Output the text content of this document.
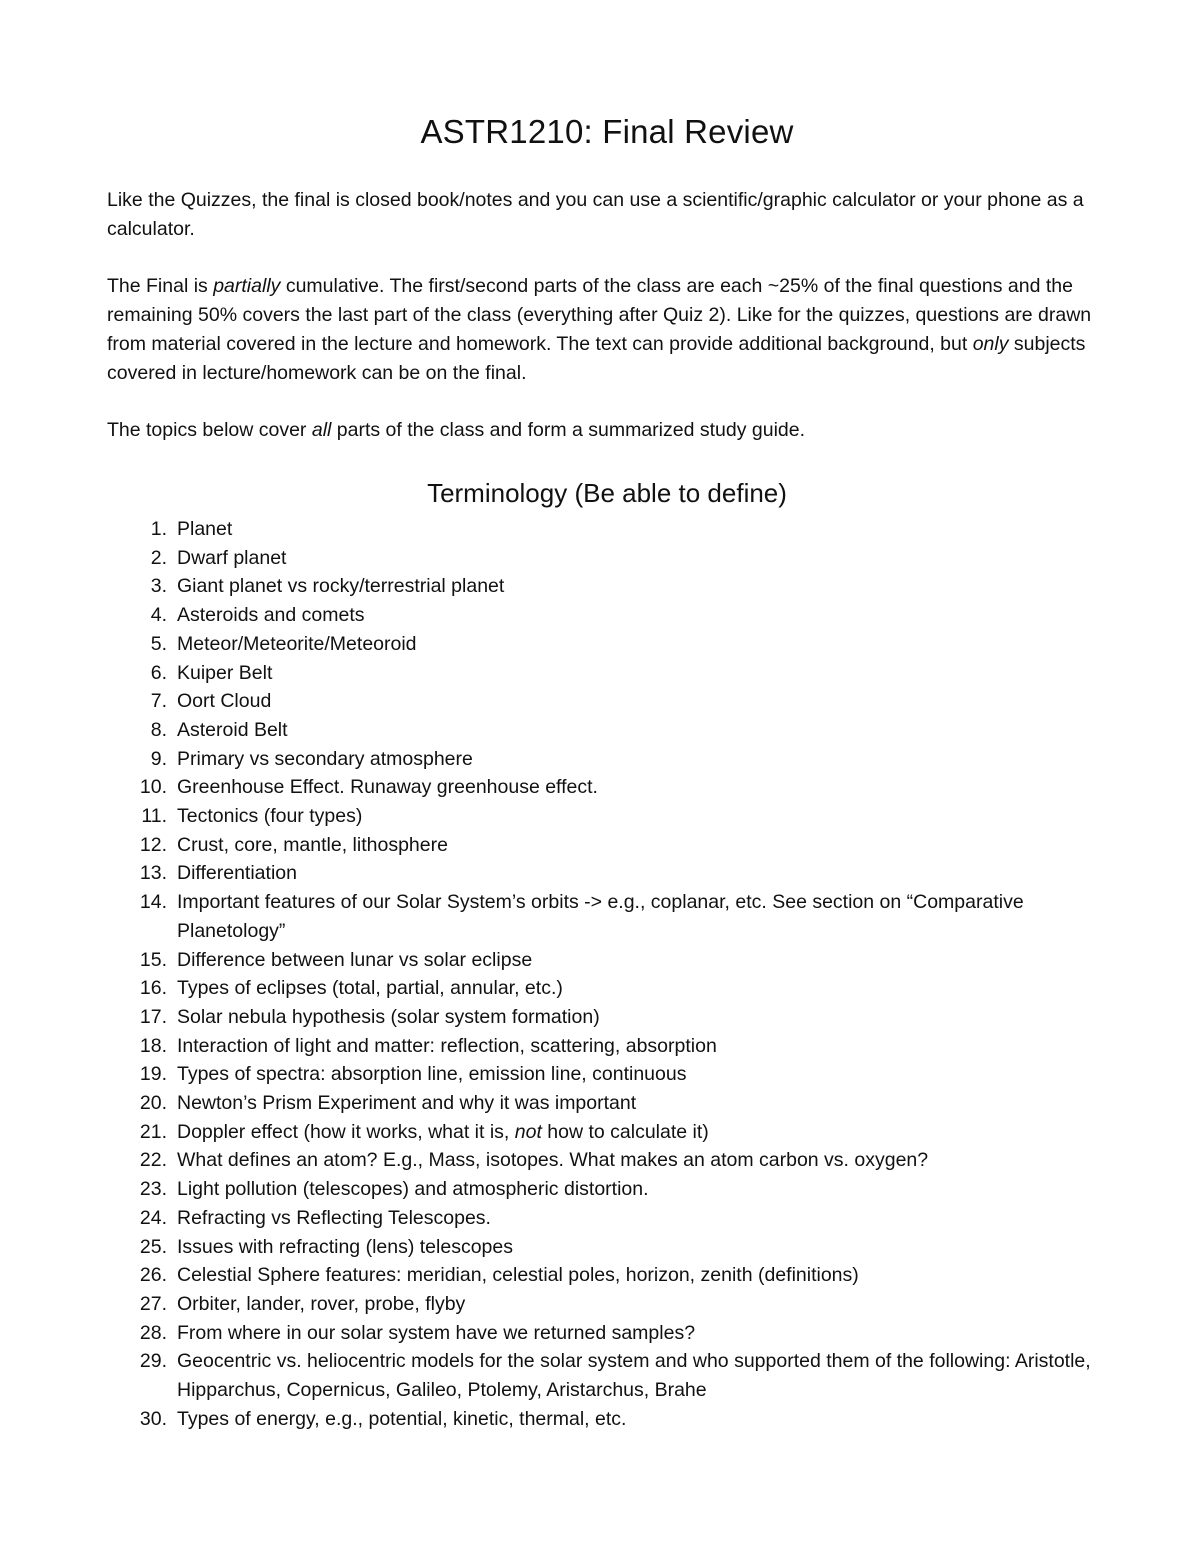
ASTR1210: Final Review

Like the Quizzes, the final is closed book/notes and you can use a scientific/graphic calculator or your phone as a calculator.

The Final is partially cumulative. The first/second parts of the class are each ~25% of the final questions and the remaining 50% covers the last part of the class (everything after Quiz 2). Like for the quizzes, questions are drawn from material covered in the lecture and homework. The text can provide additional background, but only subjects covered in lecture/homework can be on the final.

The topics below cover all parts of the class and form a summarized study guide.

Terminology (Be able to define)
1. Planet
2. Dwarf planet
3. Giant planet vs rocky/terrestrial planet
4. Asteroids and comets
5. Meteor/Meteorite/Meteoroid
6. Kuiper Belt
7. Oort Cloud
8. Asteroid Belt
9. Primary vs secondary atmosphere
10. Greenhouse Effect. Runaway greenhouse effect.
11. Tectonics (four types)
12. Crust, core, mantle, lithosphere
13. Differentiation
14. Important features of our Solar System’s orbits -> e.g., coplanar, etc. See section on “Comparative Planetology”
15. Difference between lunar vs solar eclipse
16. Types of eclipses (total, partial, annular, etc.)
17. Solar nebula hypothesis (solar system formation)
18. Interaction of light and matter: reflection, scattering, absorption
19. Types of spectra: absorption line, emission line, continuous
20. Newton’s Prism Experiment and why it was important
21. Doppler effect (how it works, what it is, not how to calculate it)
22. What defines an atom? E.g., Mass, isotopes. What makes an atom carbon vs. oxygen?
23. Light pollution (telescopes) and atmospheric distortion.
24. Refracting vs Reflecting Telescopes.
25. Issues with refracting (lens) telescopes
26. Celestial Sphere features: meridian, celestial poles, horizon, zenith (definitions)
27. Orbiter, lander, rover, probe, flyby
28. From where in our solar system have we returned samples?
29. Geocentric vs. heliocentric models for the solar system and who supported them of the following: Aristotle, Hipparchus, Copernicus, Galileo, Ptolemy, Aristarchus, Brahe
30. Types of energy, e.g., potential, kinetic, thermal, etc.
